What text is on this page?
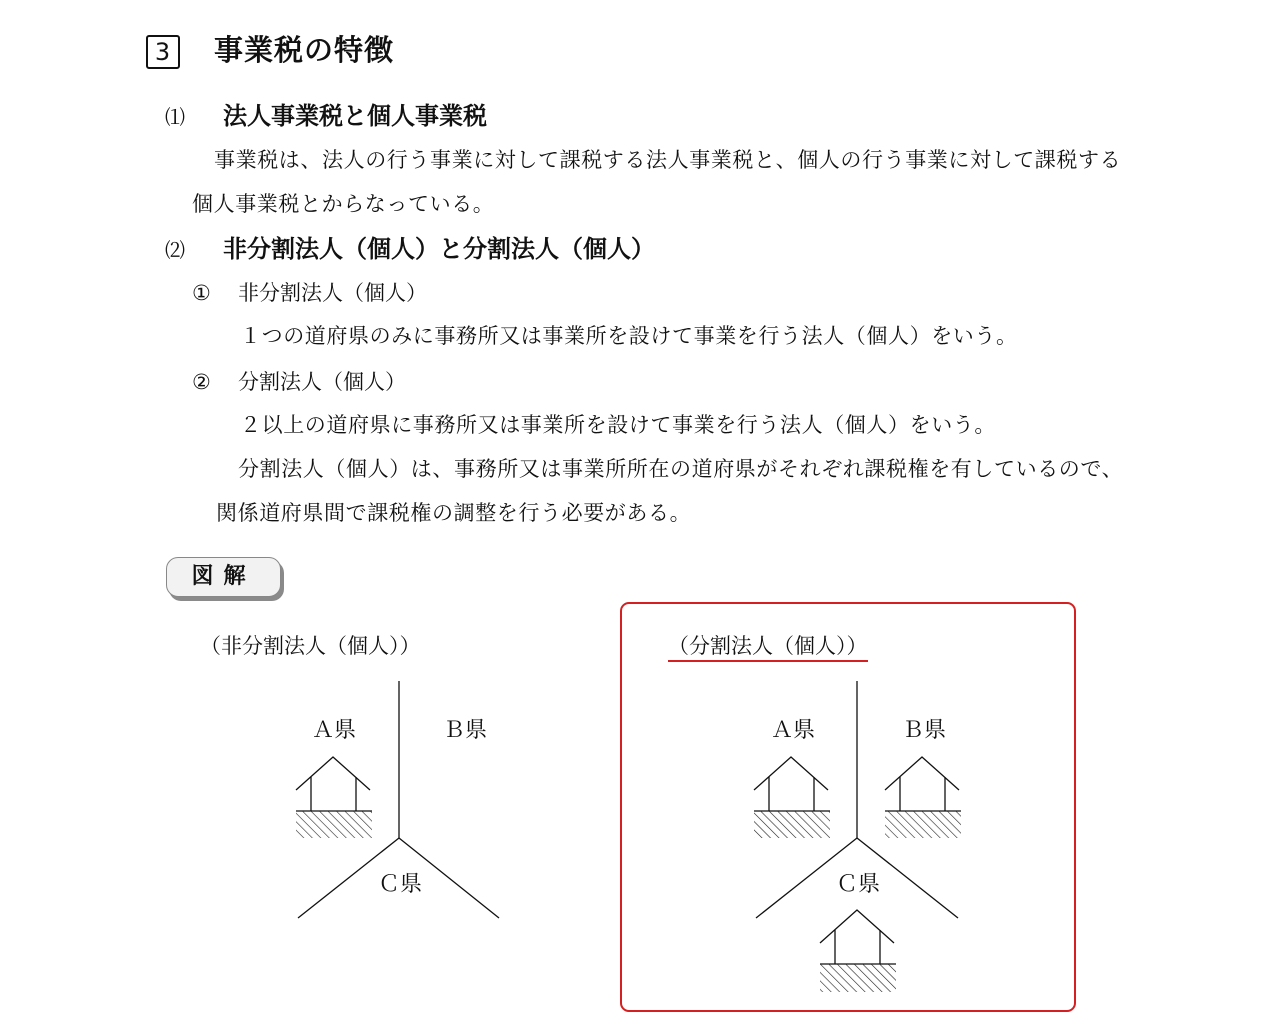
3 事業税の特徴
⑴ 法人事業税と個人事業税
事業税は、法人の行う事業に対して課税する法人事業税と、個人の行う事業に対して課税する
個人事業税とからなっている。
⑵ 非分割法人（個人）と分割法人（個人）
① 非分割法人（個人）
１つの道府県のみに事務所又は事業所を設けて事業を行う法人（個人）をいう。
② 分割法人（個人）
２以上の道府県に事務所又は事業所を設けて事業を行う法人（個人）をいう。
分割法人（個人）は、事務所又は事業所所在の道府県がそれぞれ課税権を有しているので、
関係道府県間で課税権の調整を行う必要がある。
図解
（非分割法人（個人））	（分割法人（個人））
Ａ県	Ｂ県
Ｃ県
Ａ県	Ｂ県
Ｃ県
